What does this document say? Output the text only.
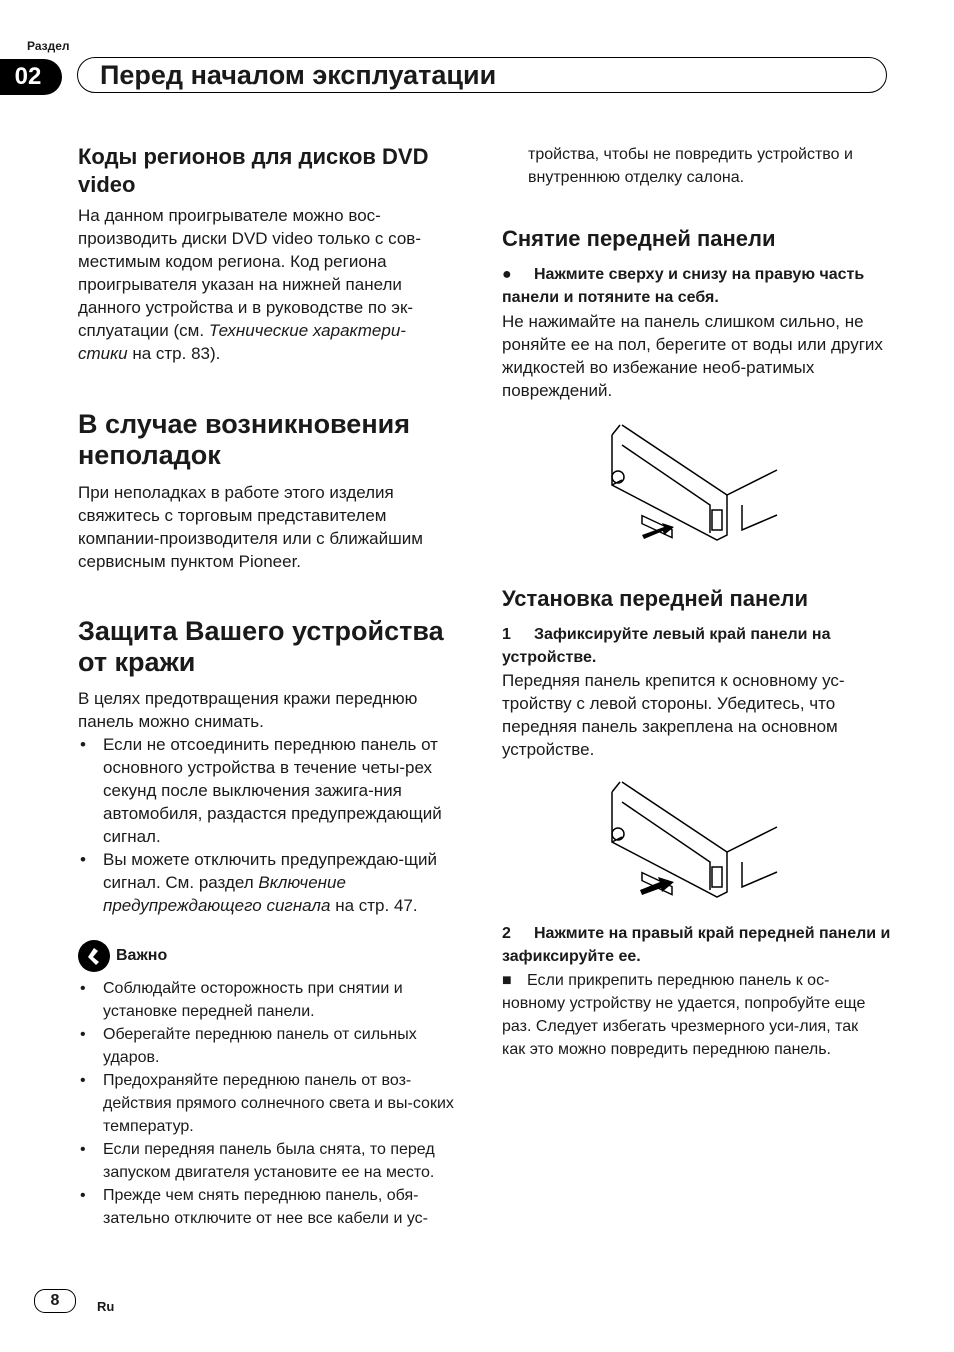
Раздел
02	Перед началом эксплуатации
Коды регионов для дисков DVD video

На данном проигрывателе можно вос-производить диски DVD video только с сов-местимым кодом региона. Код региона проигрывателя указан на нижней панели данного устройства и в руководстве по эк-сплуатации (см. Технические характери-стики на стр. 83).

В случае возникновения неполадок

При неполадках в работе этого изделия свяжитесь с торговым представителем компании-производителя или с ближайшим сервисным пунктом Pioneer.

Защита Вашего устройства от кражи

В целях предотвращения кражи переднюю панель можно снимать.

• Если не отсоединить переднюю панель от основного устройства в течение четы-рех секунд после выключения зажига-ния автомобиля, раздастся предупреждающий сигнал.
• Вы можете отключить предупреждаю-щий сигнал. См. раздел Включение предупреждающего сигнала на стр. 47.
Важно
• Соблюдайте осторожность при снятии и установке передней панели.
• Оберегайте переднюю панель от сильных ударов.
• Предохраняйте переднюю панель от воз-действия прямого солнечного света и вы-соких температур.
• Если передняя панель была снята, то перед запуском двигателя установите ее на место.
• Прежде чем снять переднюю панель, обя-зательно отключите от нее все кабели и ус-

тройства, чтобы не повредить устройство и внутреннюю отделку салона.

Снятие передней панели

● Нажмите сверху и снизу на правую часть панели и потяните на себя.

Не нажимайте на панель слишком сильно, не роняйте ее на пол, берегите от воды или других жидкостей во избежание необ-ратимых повреждений.

Установка передней панели

1 Зафиксируйте левый край панели на устройстве.

Передняя панель крепится к основному ус-тройству с левой стороны. Убедитесь, что передняя панель закреплена на основном устройстве.

2 Нажмите на правый край передней панели и зафиксируйте ее.

■ Если прикрепить переднюю панель к ос-новному устройству не удается, попробуйте еще раз. Следует избегать чрезмерного уси-лия, так как это можно повредить переднюю панель.

8	Ru
